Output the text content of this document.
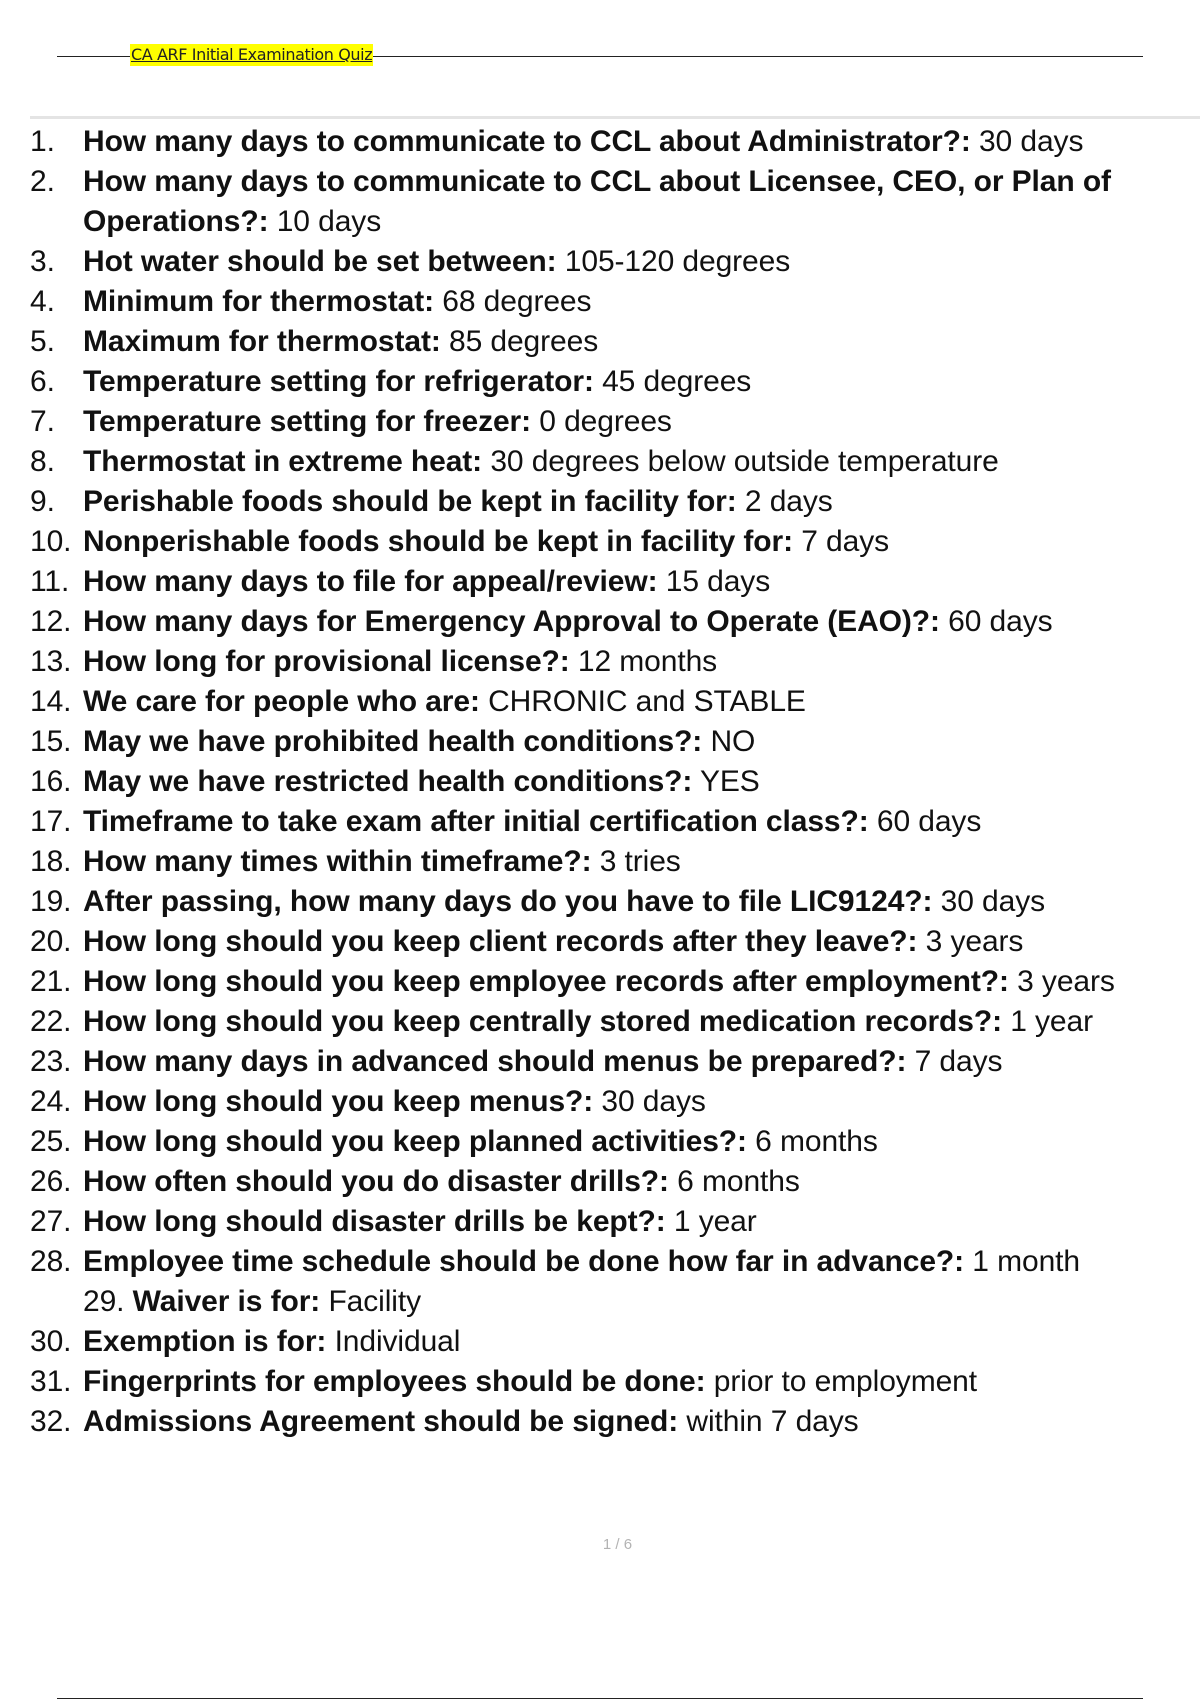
CA ARF Initial Examination Quiz
1. How many days to communicate to CCL about Administrator?: 30 days
2. How many days to communicate to CCL about Licensee, CEO, or Plan of
Operations?: 10 days
3. Hot water should be set between: 105-120 degrees
4. Minimum for thermostat: 68 degrees
5. Maximum for thermostat: 85 degrees
6. Temperature setting for refrigerator: 45 degrees
7. Temperature setting for freezer: 0 degrees
8. Thermostat in extreme heat: 30 degrees below outside temperature
9. Perishable foods should be kept in facility for: 2 days
10. Nonperishable foods should be kept in facility for: 7 days
11. How many days to file for appeal/review: 15 days
12. How many days for Emergency Approval to Operate (EAO)?: 60 days
13. How long for provisional license?: 12 months
14. We care for people who are: CHRONIC and STABLE
15. May we have prohibited health conditions?: NO
16. May we have restricted health conditions?: YES
17. Timeframe to take exam after initial certification class?: 60 days
18. How many times within timeframe?: 3 tries
19. After passing, how many days do you have to file LIC9124?: 30 days
20. How long should you keep client records after they leave?: 3 years
21. How long should you keep employee records after employment?: 3 years
22. How long should you keep centrally stored medication records?: 1 year
23. How many days in advanced should menus be prepared?: 7 days
24. How long should you keep menus?: 30 days
25. How long should you keep planned activities?: 6 months
26. How often should you do disaster drills?: 6 months
27. How long should disaster drills be kept?: 1 year
28. Employee time schedule should be done how far in advance?: 1 month
29. Waiver is for: Facility
30. Exemption is for: Individual
31. Fingerprints for employees should be done: prior to employment
32. Admissions Agreement should be signed: within 7 days
1 / 6
